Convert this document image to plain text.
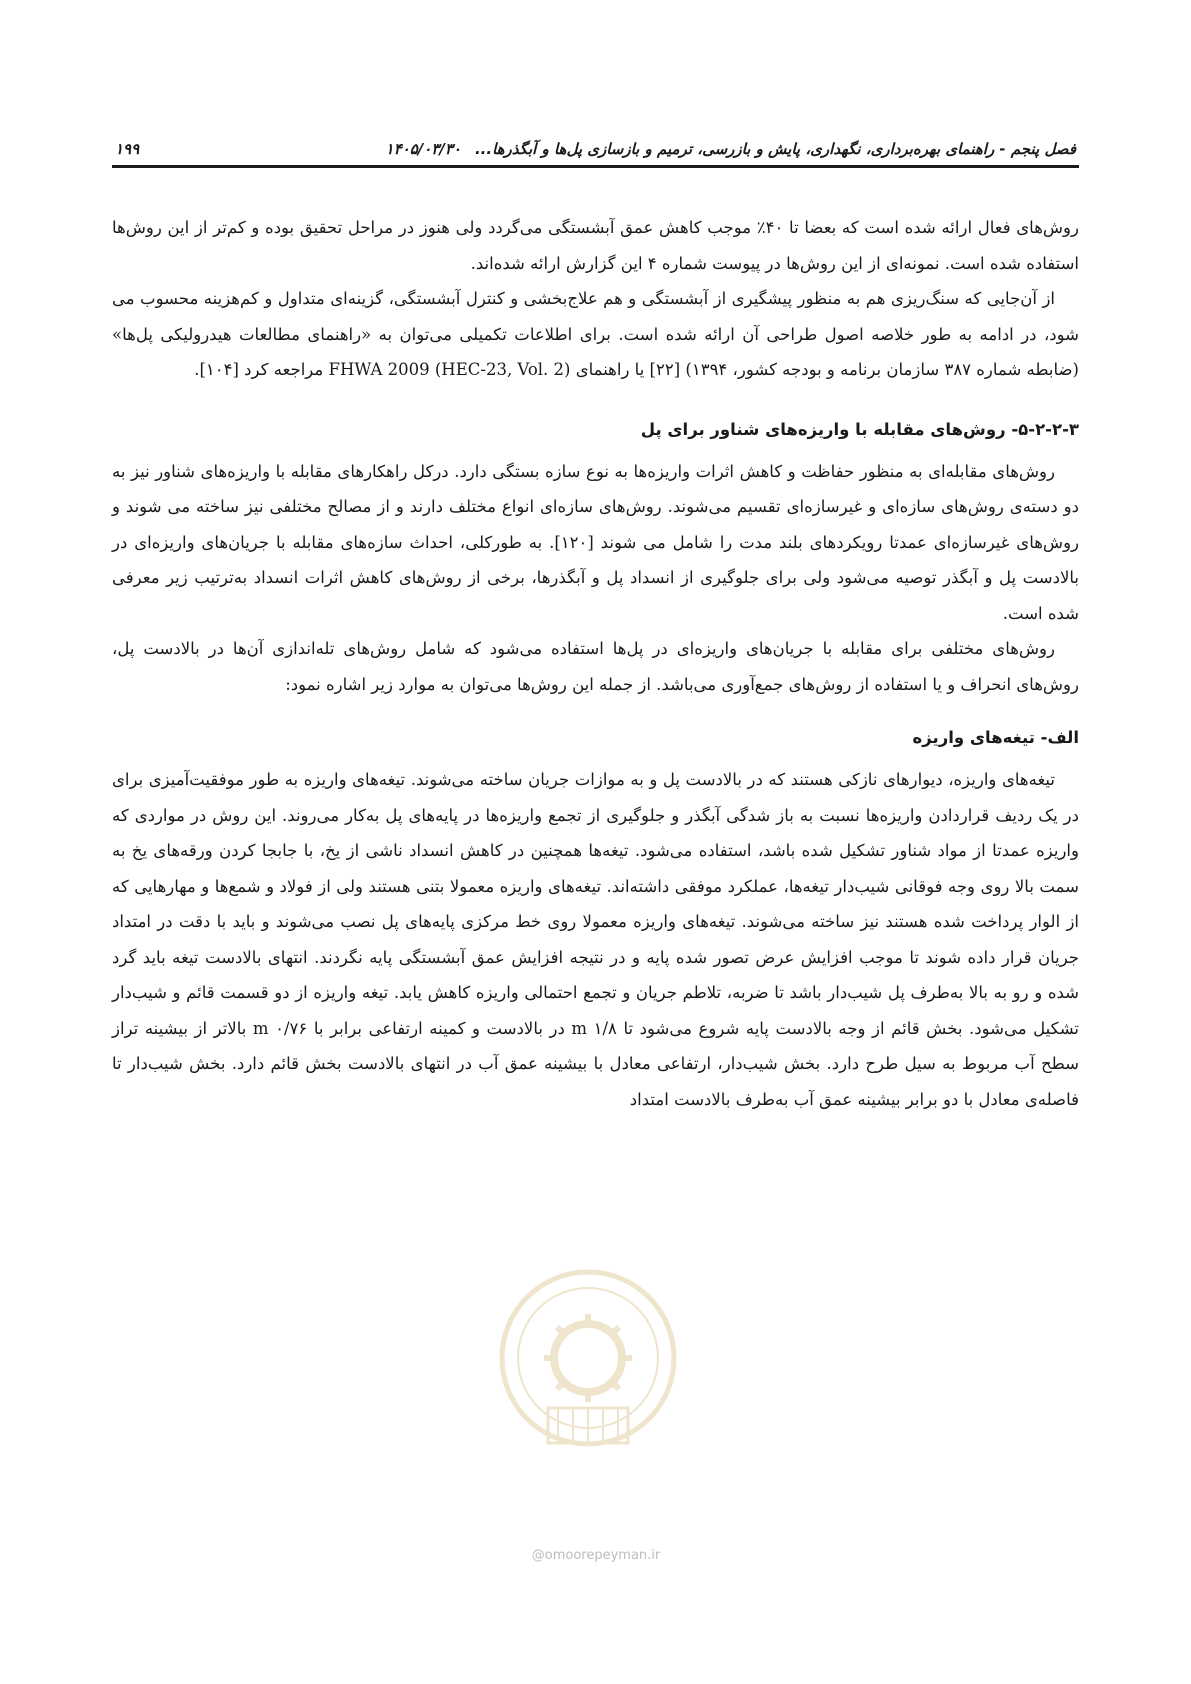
فصل پنجم - راهنمای بهره‌برداری، نگهداری، پایش و بازرسی، ترمیم و بازسازی پل‌ها و آبگذرها...
۱۴۰۵/۰۳/۳۰
۱۹۹

روش‌های فعال ارائه شده است که بعضا تا ۴۰٪ موجب کاهش عمق آبشستگی می‌گردد ولی هنوز در مراحل تحقیق بوده و کم‌تر از این روش‌ها استفاده شده است. نمونه‌ای از این روش‌ها در پیوست شماره ۴ این گزارش ارائه شده‌اند.

از آن‌جایی که سنگ‌ریزی هم به منظور پیشگیری از آبشستگی و هم علاج‌بخشی و کنترل آبشستگی، گزینه‌ای متداول و کم‌هزینه محسوب می شود، در ادامه به طور خلاصه اصول طراحی آن ارائه شده است. برای اطلاعات تکمیلی می‌توان به «راهنمای مطالعات هیدرولیکی پل‌ها» (ضابطه شماره ۳۸۷ سازمان برنامه و بودجه کشور، ۱۳۹۴) [۲۲] یا راهنمای FHWA 2009 (HEC-23, Vol. 2) مراجعه کرد [۱۰۴].

۵-۲-۲-۳- روش‌های مقابله با واریزه‌های شناور برای پل

روش‌های مقابله‌ای به منظور حفاظت و کاهش اثرات واریزه‌ها به نوع سازه بستگی دارد. درکل راهکارهای مقابله با واریزه‌های شناور نیز به دو دسته‌ی روش‌های سازه‌ای و غیرسازه‌ای تقسیم می‌شوند. روش‌های سازه‌ای انواع مختلف دارند و از مصالح مختلفی نیز ساخته می شوند و روش‌های غیرسازه‌ای عمدتا رویکردهای بلند مدت را شامل می شوند [۱۲۰]. به طورکلی، احداث سازه‌های مقابله با جریان‌های واریزه‌ای در بالادست پل و آبگذر توصیه می‌شود ولی برای جلوگیری از انسداد پل و آبگذرها، برخی از روش‌های کاهش اثرات انسداد به‌ترتیب زیر معرفی شده است.

روش‌های مختلفی برای مقابله با جریان‌های واریزه‌ای در پل‌ها استفاده می‌شود که شامل روش‌های تله‌اندازی آن‌ها در بالادست پل، روش‌های انحراف و یا استفاده از روش‌های جمع‌آوری می‌باشد. از جمله این روش‌ها می‌توان به موارد زیر اشاره نمود:

الف- تیغه‌های واریزه

تیغه‌های واریزه، دیوارهای نازکی هستند که در بالادست پل و به موازات جریان ساخته می‌شوند. تیغه‌های واریزه به طور موفقیت‌آمیزی برای در یک ردیف قراردادن واریزه‌ها نسبت به باز شدگی آبگذر و جلوگیری از تجمع واریزه‌ها در پایه‌های پل به‌کار می‌روند. این روش در مواردی که واریزه عمدتا از مواد شناور تشکیل شده باشد، استفاده می‌شود. تیغه‌ها همچنین در کاهش انسداد ناشی از یخ، با جابجا کردن ورقه‌های یخ به سمت بالا روی وجه فوقانی شیب‌دار تیغه‌ها، عملکرد موفقی داشته‌اند. تیغه‌های واریزه معمولا بتنی هستند ولی از فولاد و شمع‌ها و مهارهایی که از الوار پرداخت شده هستند نیز ساخته می‌شوند. تیغه‌های واریزه معمولا روی خط مرکزی پایه‌های پل نصب می‌شوند و باید با دقت در امتداد جریان قرار داده شوند تا موجب افزایش عرض تصور شده پایه و در نتیجه افزایش عمق آبشستگی پایه نگردند. انتهای بالادست تیغه باید گرد شده و رو به بالا به‌طرف پل شیب‌دار باشد تا ضربه، تلاطم جریان و تجمع احتمالی واریزه کاهش یابد. تیغه واریزه از دو قسمت قائم و شیب‌دار تشکیل می‌شود. بخش قائم از وجه بالادست پایه شروع می‌شود تا ۱/۸ m در بالادست و کمینه ارتفاعی برابر با ۰/۷۶ m بالاتر از بیشینه تراز سطح آب مربوط به سیل طرح دارد. بخش شیب‌دار، ارتفاعی معادل با بیشینه عمق آب در انتهای بالادست بخش قائم دارد. بخش شیب‌دار تا فاصله‌ی معادل با دو برابر بیشینه عمق آب به‌طرف بالادست امتداد

@omoorepeyman.ir
